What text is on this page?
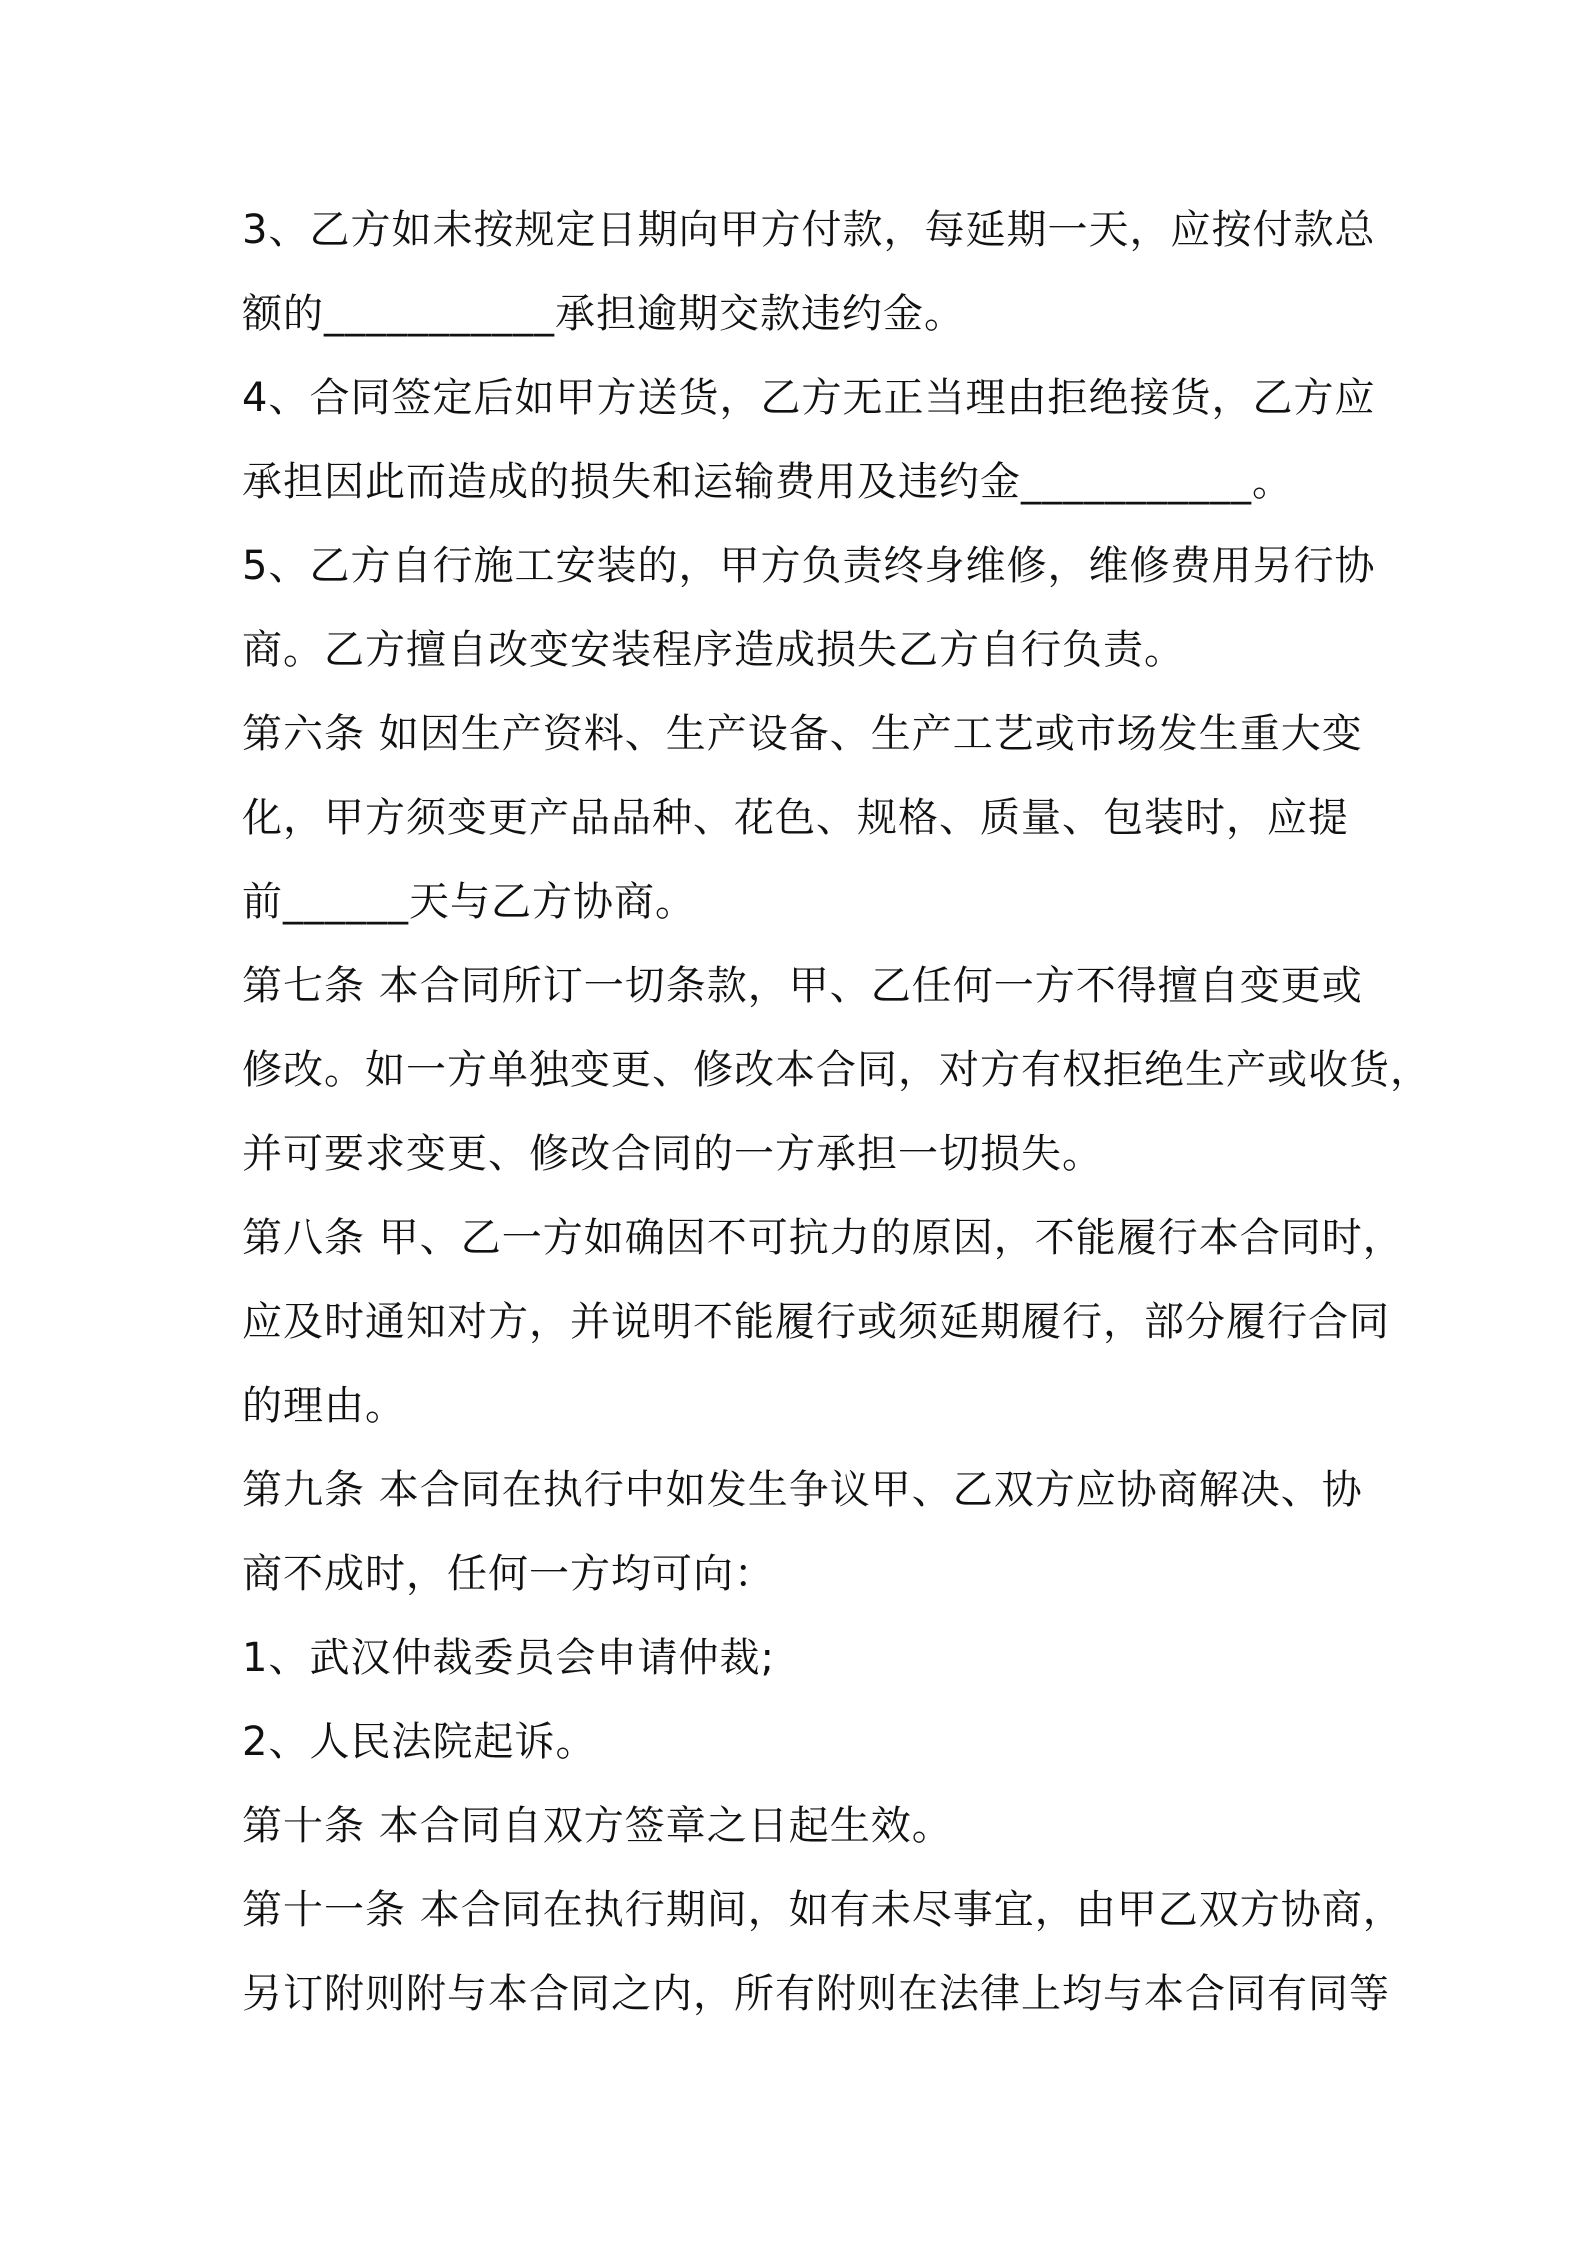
3、乙方如未按规定日期向甲方付款，每延期一天，应按付款总
额的___________承担逾期交款违约金。
4、合同签定后如甲方送货，乙方无正当理由拒绝接货，乙方应
承担因此而造成的损失和运输费用及违约金___________。
5、乙方自行施工安装的，甲方负责终身维修，维修费用另行协
商。乙方擅自改变安装程序造成损失乙方自行负责。
第六条 如因生产资料、生产设备、生产工艺或市场发生重大变
化，甲方须变更产品品种、花色、规格、质量、包装时，应提
前______天与乙方协商。
第七条 本合同所订一切条款，甲、乙任何一方不得擅自变更或
修改。如一方单独变更、修改本合同，对方有权拒绝生产或收货，
并可要求变更、修改合同的一方承担一切损失。
第八条 甲、乙一方如确因不可抗力的原因，不能履行本合同时，
应及时通知对方，并说明不能履行或须延期履行，部分履行合同
的理由。
第九条 本合同在执行中如发生争议甲、乙双方应协商解决、协
商不成时，任何一方均可向：
1、武汉仲裁委员会申请仲裁;
2、人民法院起诉。
第十条 本合同自双方签章之日起生效。
第十一条 本合同在执行期间，如有未尽事宜，由甲乙双方协商，
另订附则附与本合同之内，所有附则在法律上均与本合同有同等
